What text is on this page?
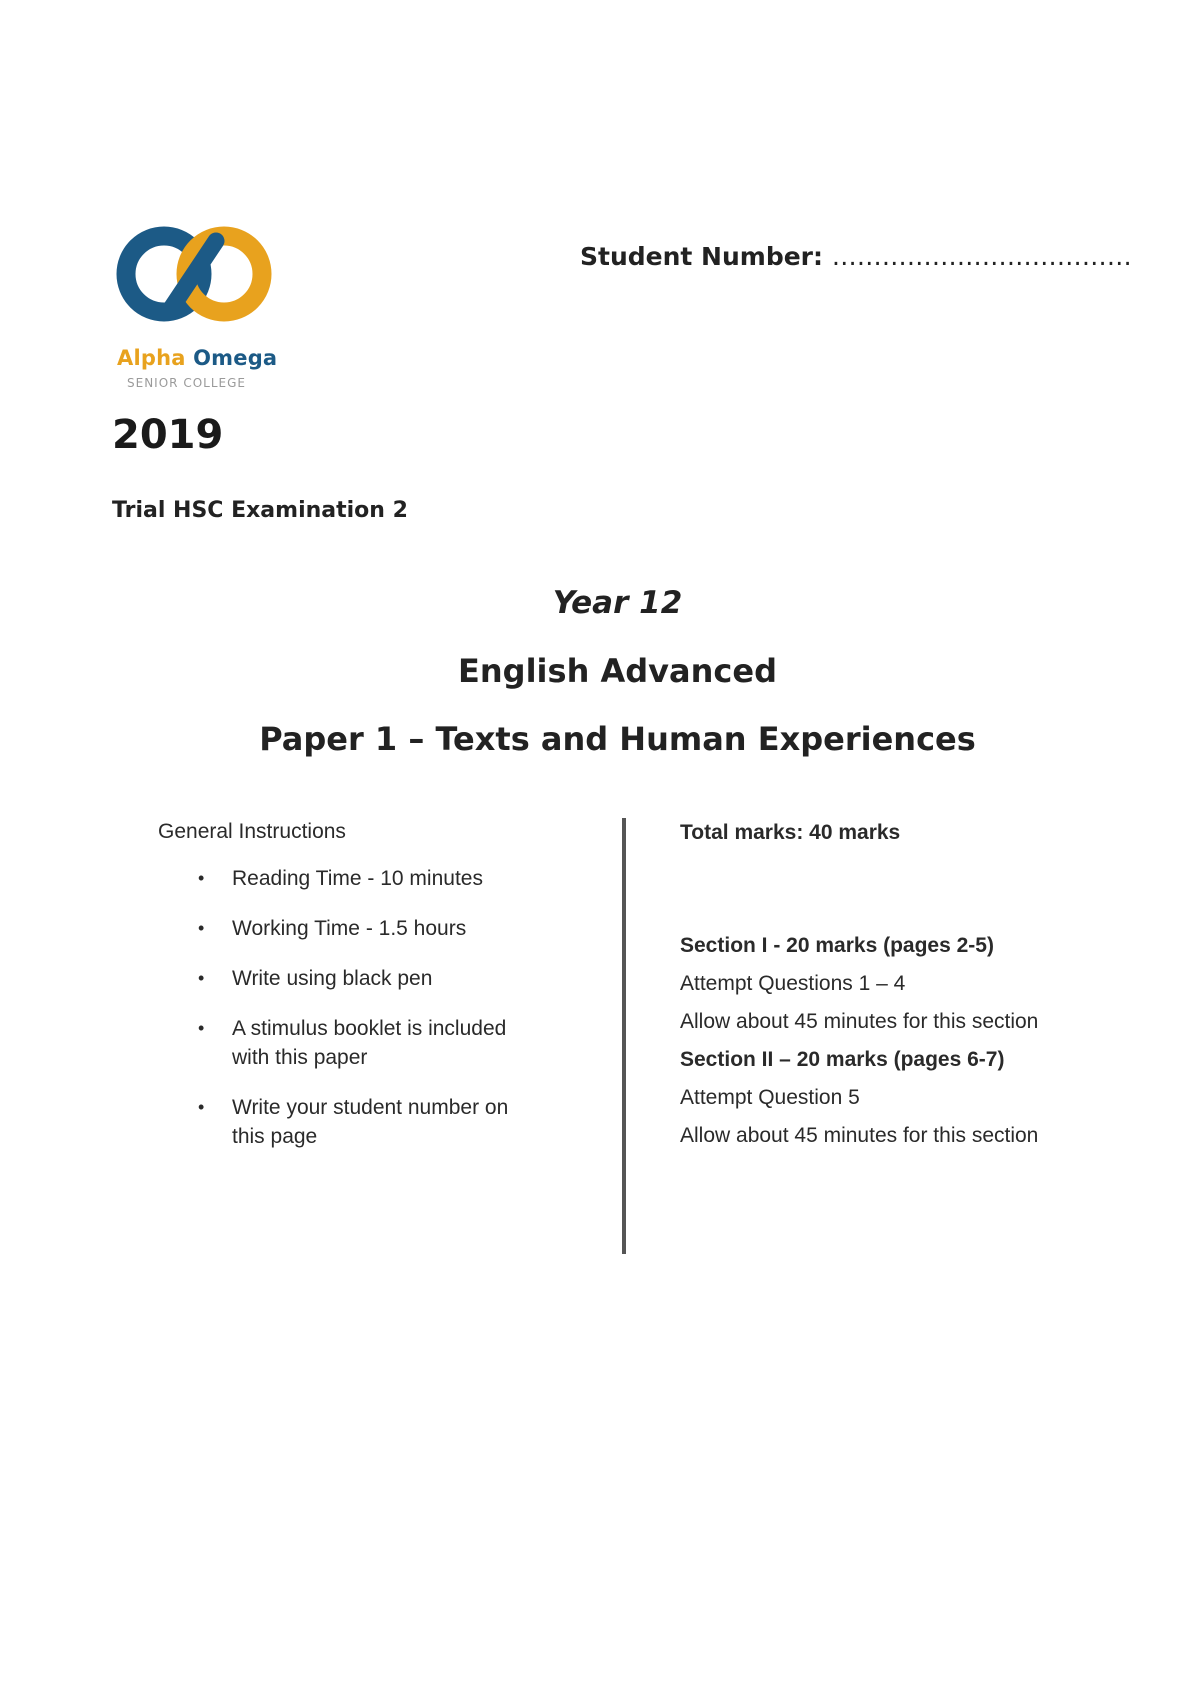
Alpha Omega
SENIOR COLLEGE
Student Number: ………………………………
2019
Trial HSC Examination 2
Year 12
English Advanced
Paper 1 – Texts and Human Experiences
General Instructions
• Reading Time - 10 minutes
• Working Time - 1.5 hours
• Write using black pen
• A stimulus booklet is included
with this paper
• Write your student number on
this page
Total marks: 40 marks
Section I - 20 marks (pages 2-5)
Attempt Questions 1 – 4
Allow about 45 minutes for this section
Section II – 20 marks (pages 6-7)
Attempt Question 5
Allow about 45 minutes for this section
